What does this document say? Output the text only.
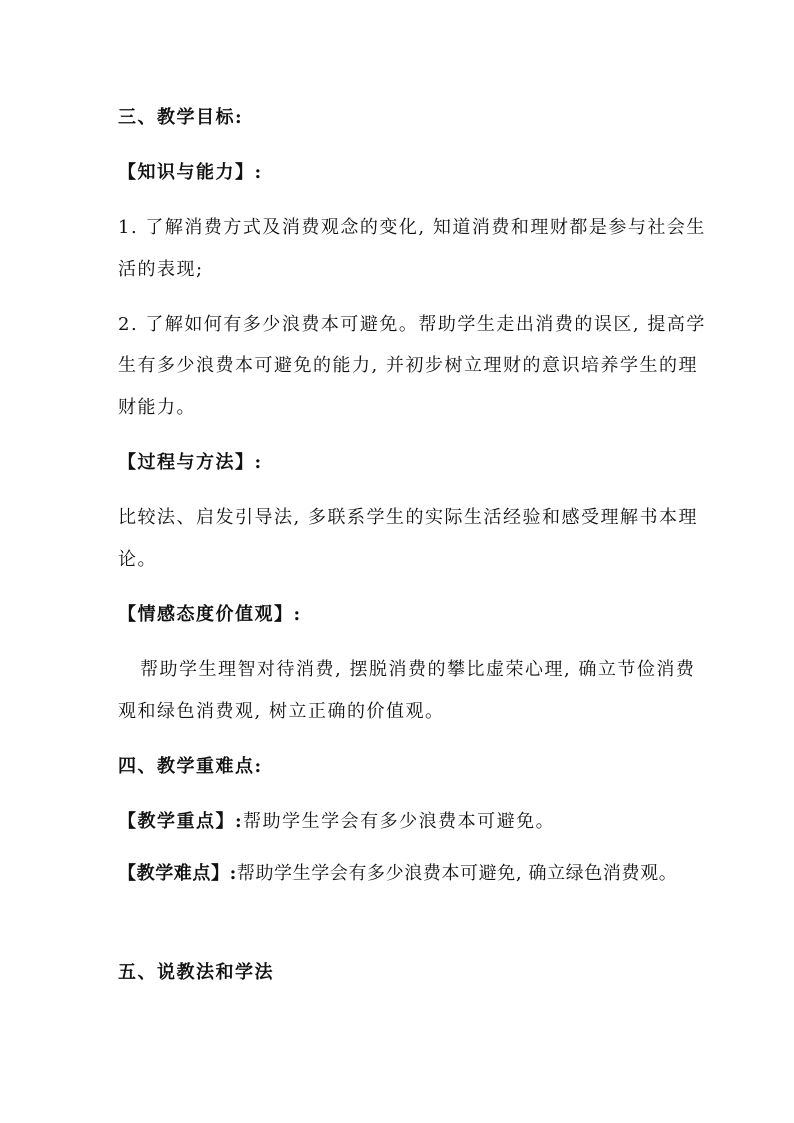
三、教学目标:
【知识与能力】:
1. 了解消费方式及消费观念的变化, 知道消费和理财都是参与社会生
活的表现;
2. 了解如何有多少浪费本可避免。帮助学生走出消费的误区, 提高学
生有多少浪费本可避免的能力, 并初步树立理财的意识培养学生的理
财能力。
【过程与方法】:
比较法、启发引导法, 多联系学生的实际生活经验和感受理解书本理
论。
【情感态度价值观】:
帮助学生理智对待消费, 摆脱消费的攀比虚荣心理, 确立节俭消费
观和绿色消费观, 树立正确的价值观。
四、教学重难点:
【教学重点】:帮助学生学会有多少浪费本可避免。
【教学难点】:帮助学生学会有多少浪费本可避免, 确立绿色消费观。
五、说教法和学法
